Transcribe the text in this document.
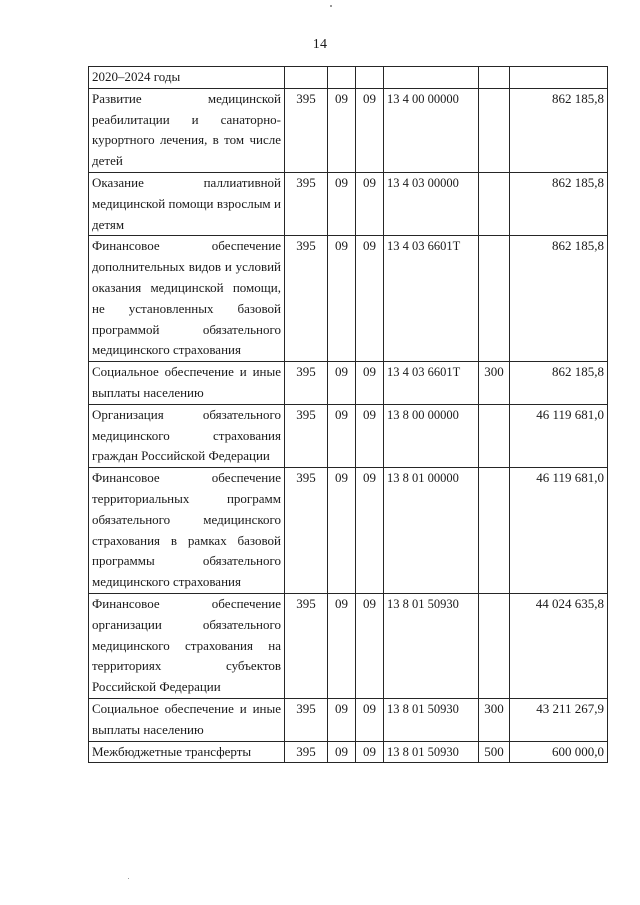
14
2020–2024 годы						
Развитие медицинской реабилитации и санаторно-курортного лечения, в том числе детей	395	09	09	13 4 00 00000		862 185,8
Оказание паллиативной медицинской помощи взрослым и детям	395	09	09	13 4 03 00000		862 185,8
Финансовое обеспечение дополнительных видов и условий оказания медицинской помощи, не установленных базовой программой обязательного медицинского страхования	395	09	09	13 4 03 6601Т		862 185,8
Социальное обеспечение и иные выплаты населению	395	09	09	13 4 03 6601Т	300	862 185,8
Организация обязательного медицинского страхования граждан Российской Федерации	395	09	09	13 8 00 00000		46 119 681,0
Финансовое обеспечение территориальных программ обязательного медицинского страхования в рамках базовой программы обязательного медицинского страхования	395	09	09	13 8 01 00000		46 119 681,0
Финансовое обеспечение организации обязательного медицинского страхования на территориях субъектов Российской Федерации	395	09	09	13 8 01 50930		44 024 635,8
Социальное обеспечение и иные выплаты населению	395	09	09	13 8 01 50930	300	43 211 267,9
Межбюджетные трансферты	395	09	09	13 8 01 50930	500	600 000,0
